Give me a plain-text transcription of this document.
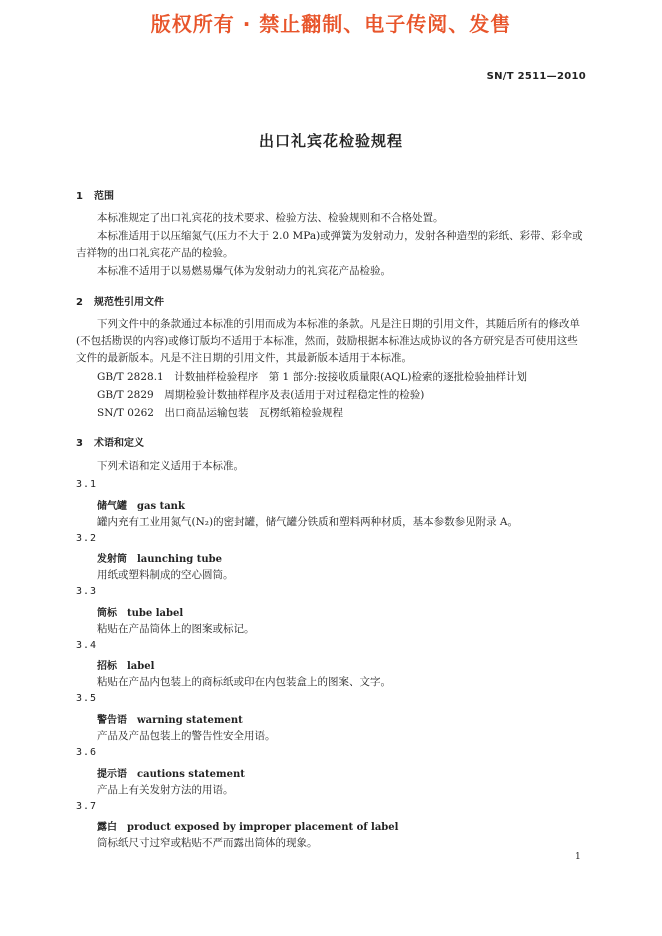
版权所有 · 禁止翻制、电子传阅、发售
SN/T 2511—2010
出口礼宾花检验规程
1 范围
本标准规定了出口礼宾花的技术要求、检验方法、检验规则和不合格处置。
本标准适用于以压缩氮气(压力不大于 2.0 MPa)或弹簧为发射动力，发射各种造型的彩纸、彩带、彩伞或吉祥物的出口礼宾花产品的检验。
本标准不适用于以易燃易爆气体为发射动力的礼宾花产品检验。
2 规范性引用文件
下列文件中的条款通过本标准的引用而成为本标准的条款。凡是注日期的引用文件，其随后所有的修改单(不包括勘误的内容)或修订版均不适用于本标准，然而，鼓励根据本标准达成协议的各方研究是否可使用这些文件的最新版本。凡是不注日期的引用文件，其最新版本适用于本标准。
GB/T 2828.1　计数抽样检验程序　第 1 部分:按接收质量限(AQL)检索的逐批检验抽样计划
GB/T 2829　周期检验计数抽样程序及表(适用于对过程稳定性的检验)
SN/T 0262　出口商品运输包装　瓦楞纸箱检验规程
3 术语和定义
下列术语和定义适用于本标准。
3.1
储气罐 gas tank
罐内充有工业用氮气(N₂)的密封罐，储气罐分铁质和塑料两种材质，基本参数参见附录 A。
3.2
发射筒 launching tube
用纸或塑料制成的空心圆筒。
3.3
筒标 tube label
粘贴在产品筒体上的图案或标记。
3.4
招标 label
粘贴在产品内包装上的商标纸或印在内包装盒上的图案、文字。
3.5
警告语 warning statement
产品及产品包装上的警告性安全用语。
3.6
提示语 cautions statement
产品上有关发射方法的用语。
3.7
露白 product exposed by improper placement of label
筒标纸尺寸过窄或粘贴不严而露出筒体的现象。
1
